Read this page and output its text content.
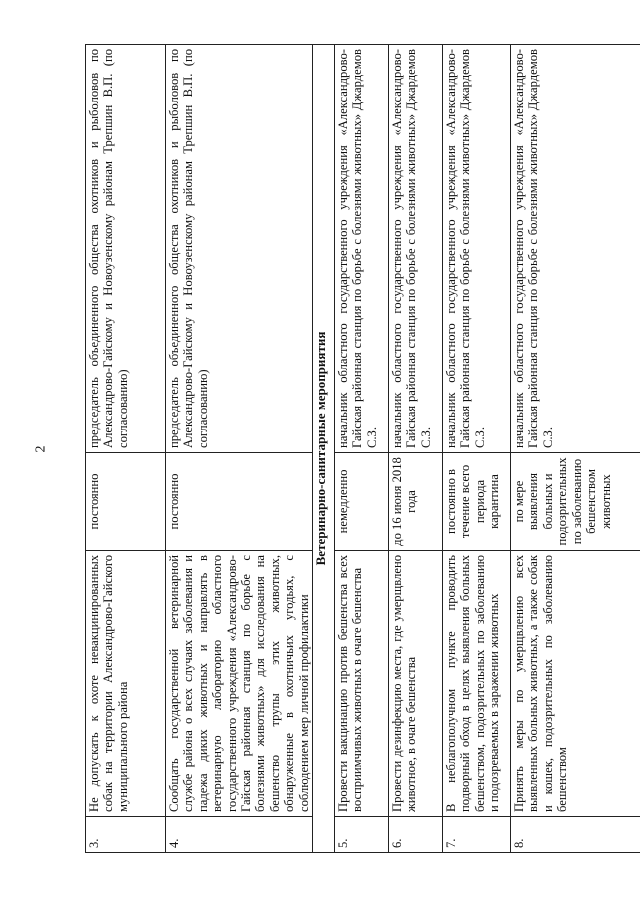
2
3.	Не допускать к охоте невакцинированных собак на территории Александрово-Гайского муниципального района	постоянно	председатель объединенного общества охотников и рыболовов по Александрово-Гайскому и Новоузенскому районам Трепшин В.П. (по согласованию)
4.	Сообщать государственной ветеринарной службе района о всех случаях заболевания и падежа диких животных и направлять в ветеринарную лабораторию областного государственного учреждения «Александрово-Гайская районная станция по борьбе с болезнями животных» для исследования на бешенство трупы этих животных, обнаруженные в охотничьих угодьях, с соблюдением мер личной профилактики	постоянно	председатель объединенного общества охотников и рыболовов по Александрово-Гайскому и Новоузенскому районам Трепшин В.П. (по согласованию)
Ветеринарно-санитарные мероприятия			
5.	Провести вакцинацию против бешенства всех восприимчивых животных в очаге бешенства	немедленно	начальник областного государственного учреждения «Александрово-Гайская районная станция по борьбе с болезнями животных» Джардемов С.З.
6.	Провести дезинфекцию места, где умерщвлено животное, в очаге бешенства	до 16 июня 2018 года	начальник областного государственного учреждения «Александрово-Гайская районная станция по борьбе с болезнями животных» Джардемов С.З.
7.	В неблагополучном пункте проводить подворный обход в целях выявления больных бешенством, подозрительных по заболеванию и подозреваемых в заражении животных	постоянно в течение всего периода карантина	начальник областного государственного учреждения «Александрово-Гайская районная станция по борьбе с болезнями животных» Джардемов С.З.
8.	Принять меры по умерщвлению всех выявленных больных животных, а также собак и кошек, подозрительных по заболеванию бешенством	по мере выявления больных и подозрительных по заболеванию бешенством животных	начальник областного государственного учреждения «Александрово-Гайская районная станция по борьбе с болезнями животных» Джардемов С.З.
